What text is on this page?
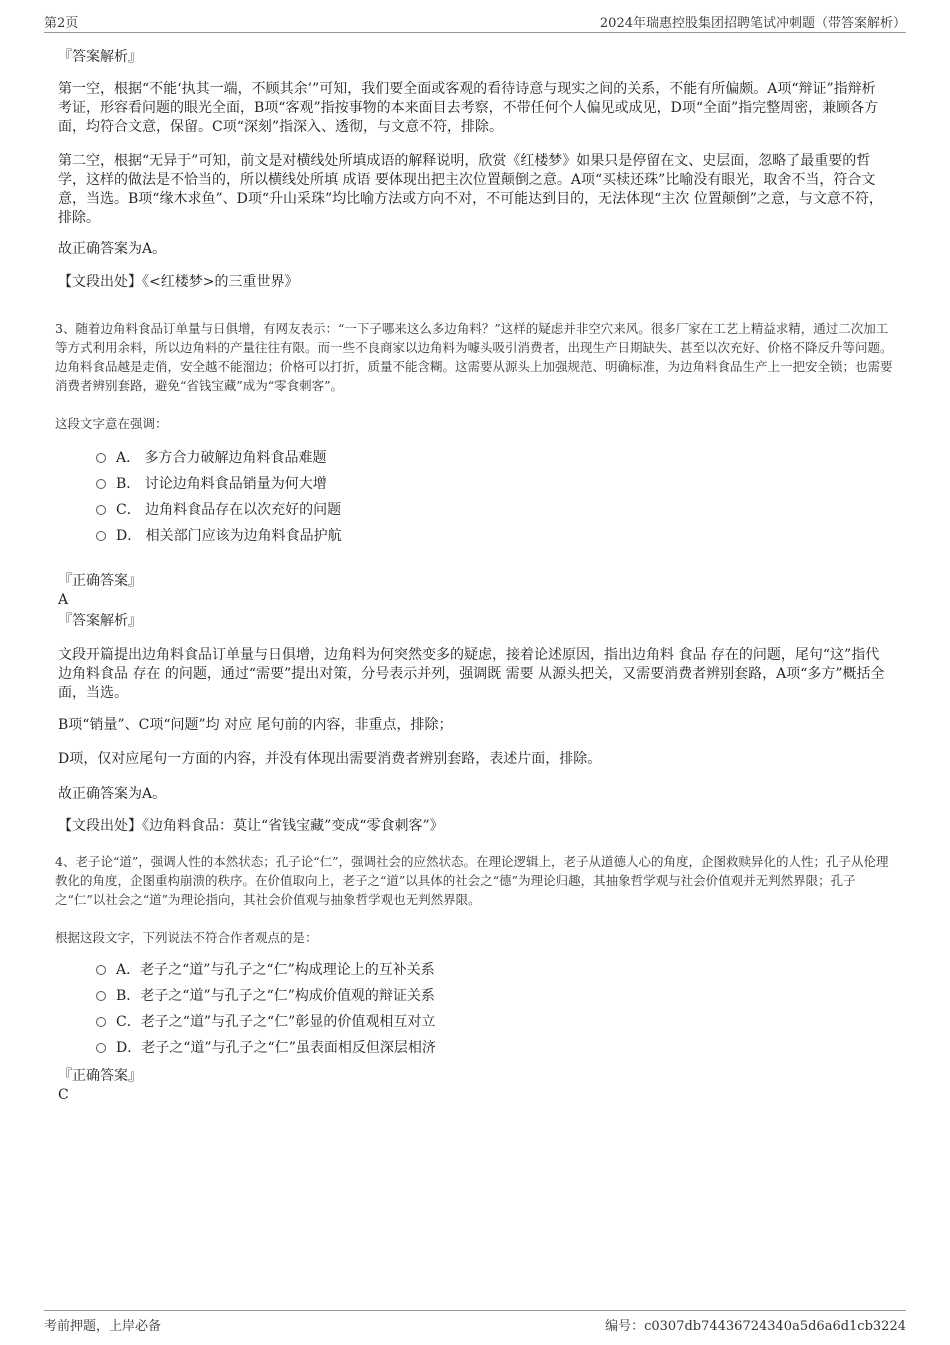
第2页	2024年瑞惠控股集团招聘笔试冲刺题（带答案解析）
『答案解析』
第一空，根据“不能‘执其一端，不顾其余’”可知，我们要全面或客观的看待诗意与现实之间的关系，不能有所偏颇。A项“辩证”指辩析考证，形容看问题的眼光全面，B项“客观”指按事物的本来面目去考察，不带任何个人偏见或成见，D项“全面”指完整周密，兼顾各方面，均符合文意，保留。C项“深刻”指深入、透彻，与文意不符，排除。
第二空，根据“无异于”可知，前文是对横线处所填成语的解释说明，欣赏《红楼梦》如果只是停留在文、史层面，忽略了最重要的哲学，这样的做法是不恰当的，所以横线处所填 成语 要体现出把主次位置颠倒之意。A项“买椟还珠”比喻没有眼光，取舍不当，符合文意，当选。B项“缘木求鱼”、D项“升山采珠”均比喻方法或方向不对，不可能达到目的，无法体现“主次 位置颠倒”之意，与文意不符，排除。
故正确答案为A。
【文段出处】《<红楼梦>的三重世界》
3、随着边角料食品订单量与日俱增，有网友表示：“一下子哪来这么多边角料？”这样的疑虑并非空穴来风。很多厂家在工艺上精益求精，通过二次加工等方式利用余料，所以边角料的产量往往有限。而一些不良商家以边角料为噱头吸引消费者，出现生产日期缺失、甚至以次充好、价格不降反升等问题。边角料食品越是走俏，安全越不能溜边；价格可以打折，质量不能含糊。这需要从源头上加强规范、明确标准，为边角料食品生产上一把安全锁；也需要消费者辨别套路，避免“省钱宝藏”成为“零食刺客”。
这段文字意在强调：
A． 多方合力破解边角料食品难题
B． 讨论边角料食品销量为何大增
C． 边角料食品存在以次充好的问题
D． 相关部门应该为边角料食品护航
『正确答案』
A
『答案解析』
文段开篇提出边角料食品订单量与日俱增，边角料为何突然变多的疑虑，接着论述原因，指出边角料 食品 存在的问题，尾句“这”指代边角料食品 存在 的问题，通过“需要”提出对策，分号表示并列，强调既 需要 从源头把关，又需要消费者辨别套路，A项“多方”概括全面，当选。
B项“销量”、C项“问题”均 对应 尾句前的内容，非重点，排除；
D项，仅对应尾句一方面的内容，并没有体现出需要消费者辨别套路，表述片面，排除。
故正确答案为A。
【文段出处】《边角料食品：莫让“省钱宝藏”变成“零食刺客”》
4、老子论“道”，强调人性的本然状态；孔子论“仁”，强调社会的应然状态。在理论逻辑上，老子从道德人心的角度，企图救赎异化的人性；孔子从伦理教化的角度，企图重构崩溃的秩序。在价值取向上，老子之“道”以具体的社会之“德”为理论归趣，其抽象哲学观与社会价值观并无判然界限；孔子之“仁”以社会之“道”为理论指向，其社会价值观与抽象哲学观也无判然界限。
根据这段文字，下列说法不符合作者观点的是：
A．老子之“道”与孔子之“仁”构成理论上的互补关系
B．老子之“道”与孔子之“仁”构成价值观的辩证关系
C．老子之“道”与孔子之“仁”彰显的价值观相互对立
D．老子之“道”与孔子之“仁”虽表面相反但深层相济
『正确答案』
C
考前押题，上岸必备	编号：c0307db74436724340a5d6a6d1cb3224
